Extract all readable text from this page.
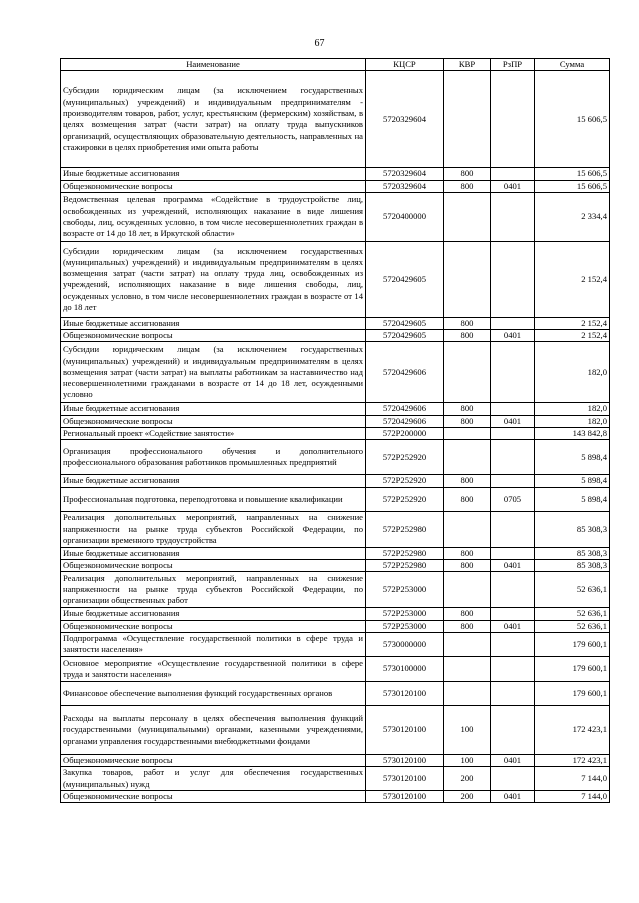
67
Наименование	КЦСР	КВР	РзПР	Сумма
Субсидии юридическим лицам (за исключением государственных (муниципальных) учреждений) и индивидуальным предпринимателям - производителям товаров, работ, услуг, крестьянским (фермерским) хозяйствам, в целях возмещения затрат (части затрат) на оплату труда выпускников организаций, осуществляющих образовательную деятельность, направленных на стажировки в целях приобретения ими опыта работы	5720329604			15 606,5
Иные бюджетные ассигнования	5720329604	800		15 606,5
Общеэкономические вопросы	5720329604	800	0401	15 606,5
Ведомственная целевая программа «Содействие в трудоустройстве лиц, освобожденных из учреждений, исполняющих наказание в виде лишения свободы, лиц, осужденных условно, в том числе несовершеннолетних граждан в возрасте от 14 до 18 лет, в Иркутской области»	5720400000			2 334,4
Субсидии юридическим лицам (за исключением государственных (муниципальных) учреждений) и индивидуальным предпринимателям в целях возмещения затрат (части затрат) на оплату труда лиц, освобожденных из учреждений, исполняющих наказание в виде лишения свободы, лиц, осужденных условно, в том числе несовершеннолетних граждан в возрасте от 14 до 18 лет	5720429605			2 152,4
Иные бюджетные ассигнования	5720429605	800		2 152,4
Общеэкономические вопросы	5720429605	800	0401	2 152,4
Субсидии юридическим лицам (за исключением государственных (муниципальных) учреждений) и индивидуальным предпринимателям в целях возмещения затрат (части затрат) на выплаты работникам за наставничество над несовершеннолетними гражданами в возрасте от 14 до 18 лет, осужденными условно	5720429606			182,0
Иные бюджетные ассигнования	5720429606	800		182,0
Общеэкономические вопросы	5720429606	800	0401	182,0
Региональный проект «Содействие занятости»	572P200000			143 842,8
Организация профессионального обучения и дополнительного профессионального образования работников промышленных предприятий	572P252920			5 898,4
Иные бюджетные ассигнования	572P252920	800		5 898,4
Профессиональная подготовка, переподготовка и повышение квалификации	572P252920	800	0705	5 898,4
Реализация дополнительных мероприятий, направленных на снижение напряженности на рынке труда субъектов Российской Федерации, по организации временного трудоустройства	572P252980			85 308,3
Иные бюджетные ассигнования	572P252980	800		85 308,3
Общеэкономические вопросы	572P252980	800	0401	85 308,3
Реализация дополнительных мероприятий, направленных на снижение напряженности на рынке труда субъектов Российской Федерации, по организации общественных работ	572P253000			52 636,1
Иные бюджетные ассигнования	572P253000	800		52 636,1
Общеэкономические вопросы	572P253000	800	0401	52 636,1
Подпрограмма «Осуществление государственной политики в сфере труда и занятости населения»	5730000000			179 600,1
Основное мероприятие «Осуществление государственной политики в сфере труда и занятости населения»	5730100000			179 600,1
Финансовое обеспечение выполнения функций государственных органов	5730120100			179 600,1
Расходы на выплаты персоналу в целях обеспечения выполнения функций государственными (муниципальными) органами, казенными учреждениями, органами управления государственными внебюджетными фондами	5730120100	100		172 423,1
Общеэкономические вопросы	5730120100	100	0401	172 423,1
Закупка товаров, работ и услуг для обеспечения государственных (муниципальных) нужд	5730120100	200		7 144,0
Общеэкономические вопросы	5730120100	200	0401	7 144,0
